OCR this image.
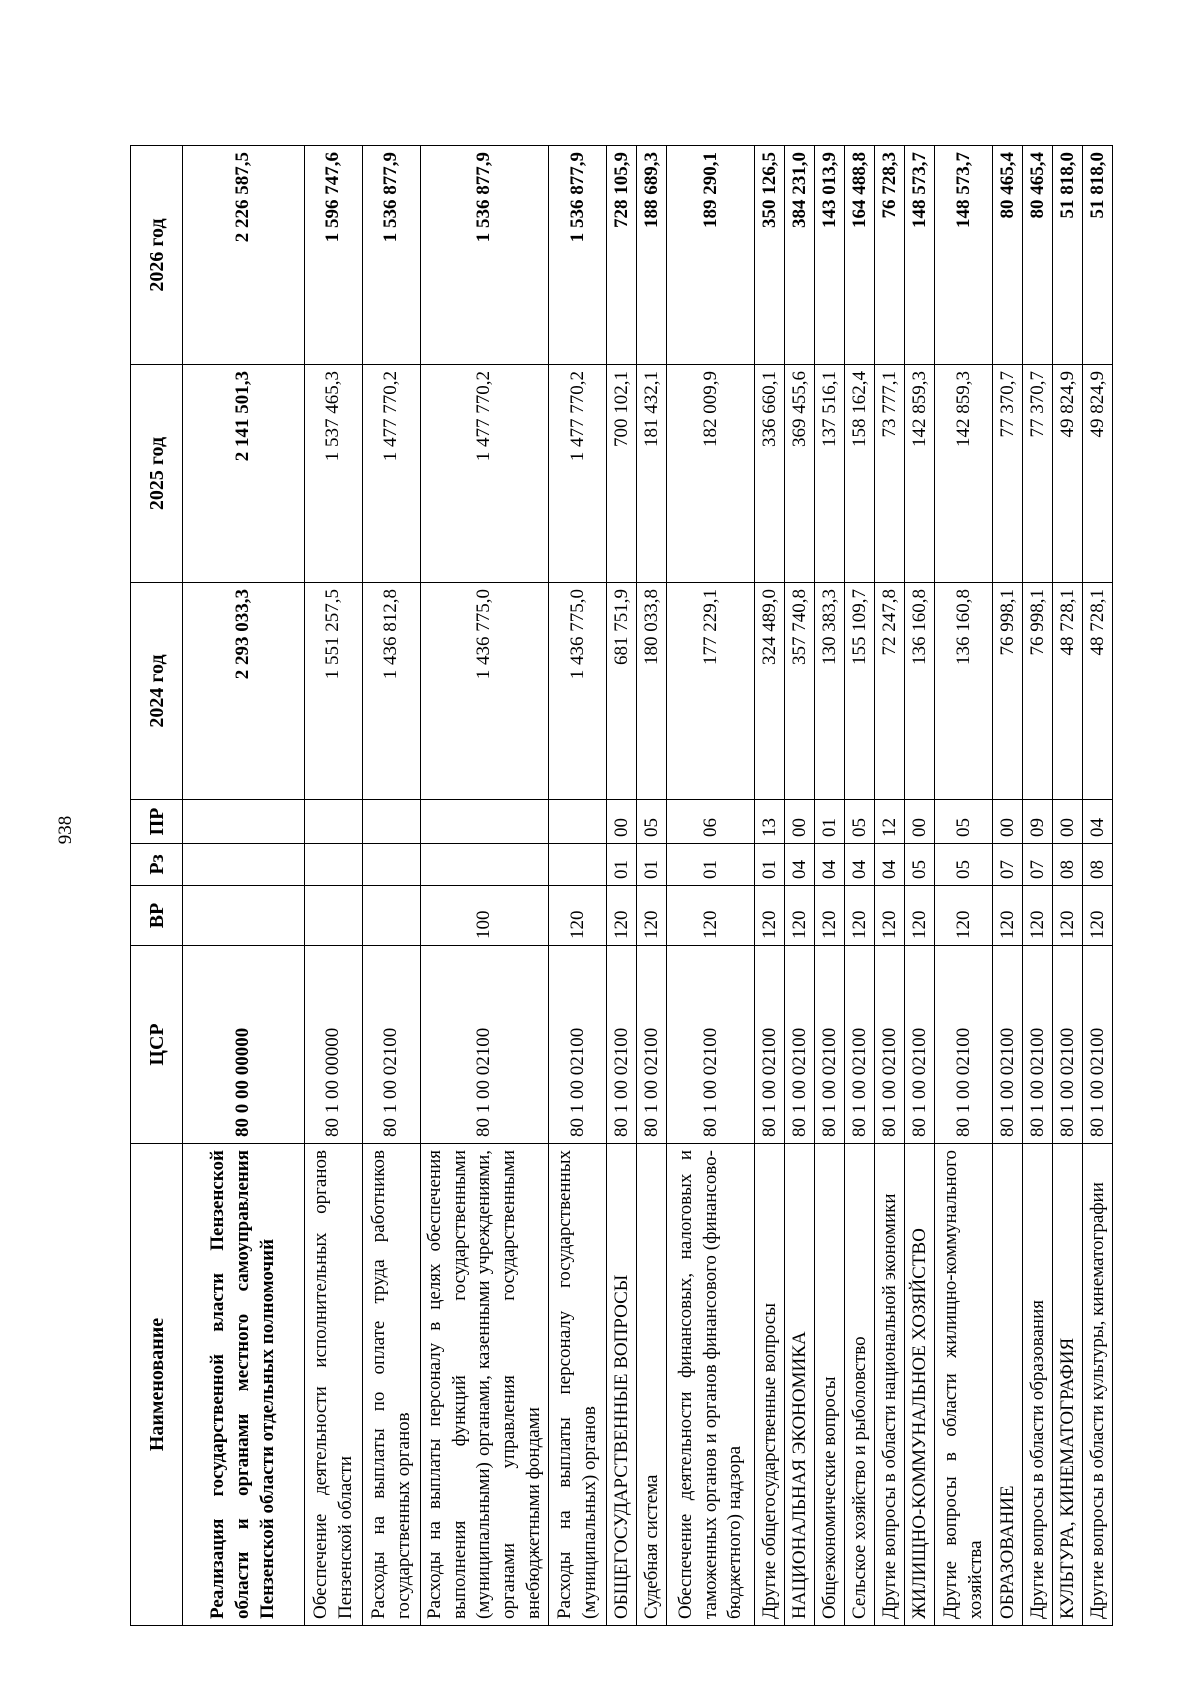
938
Наименование	ЦСР	ВР	Рз	ПР	2024 год	2025 год	2026 год
Реализация государственной власти Пензенской области и органами местного самоуправления Пензенской области отдельных полномочий	80 0 00 00000				2 293 033,3	2 141 501,3	2 226 587,5
Обеспечение деятельности исполнительных органов Пензенской области	80 1 00 00000				1 551 257,5	1 537 465,3	1 596 747,6
Расходы на выплаты по оплате труда работников государственных органов	80 1 00 02100				1 436 812,8	1 477 770,2	1 536 877,9
Расходы на выплаты персоналу в целях обеспечения выполнения функций государственными (муниципальными) органами, казенными учреждениями, органами управления государственными внебюджетными фондами	80 1 00 02100	100			1 436 775,0	1 477 770,2	1 536 877,9
Расходы на выплаты персоналу государственных (муниципальных) органов	80 1 00 02100	120			1 436 775,0	1 477 770,2	1 536 877,9
ОБЩЕГОСУДАРСТВЕННЫЕ ВОПРОСЫ	80 1 00 02100	120	01	00	681 751,9	700 102,1	728 105,9
Судебная система	80 1 00 02100	120	01	05	180 033,8	181 432,1	188 689,3
Обеспечение деятельности финансовых, налоговых и таможенных органов и органов финансового (финансово-бюджетного) надзора	80 1 00 02100	120	01	06	177 229,1	182 009,9	189 290,1
Другие общегосударственные вопросы	80 1 00 02100	120	01	13	324 489,0	336 660,1	350 126,5
НАЦИОНАЛЬНАЯ ЭКОНОМИКА	80 1 00 02100	120	04	00	357 740,8	369 455,6	384 231,0
Общеэкономические вопросы	80 1 00 02100	120	04	01	130 383,3	137 516,1	143 013,9
Сельское хозяйство и рыболовство	80 1 00 02100	120	04	05	155 109,7	158 162,4	164 488,8
Другие вопросы в области национальной экономики	80 1 00 02100	120	04	12	72 247,8	73 777,1	76 728,3
ЖИЛИЩНО-КОММУНАЛЬНОЕ ХОЗЯЙСТВО	80 1 00 02100	120	05	00	136 160,8	142 859,3	148 573,7
Другие вопросы в области жилищно-коммунального хозяйства	80 1 00 02100	120	05	05	136 160,8	142 859,3	148 573,7
ОБРАЗОВАНИЕ	80 1 00 02100	120	07	00	76 998,1	77 370,7	80 465,4
Другие вопросы в области образования	80 1 00 02100	120	07	09	76 998,1	77 370,7	80 465,4
КУЛЬТУРА, КИНЕМАТОГРАФИЯ	80 1 00 02100	120	08	00	48 728,1	49 824,9	51 818,0
Другие вопросы в области культуры, кинематографии	80 1 00 02100	120	08	04	48 728,1	49 824,9	51 818,0
